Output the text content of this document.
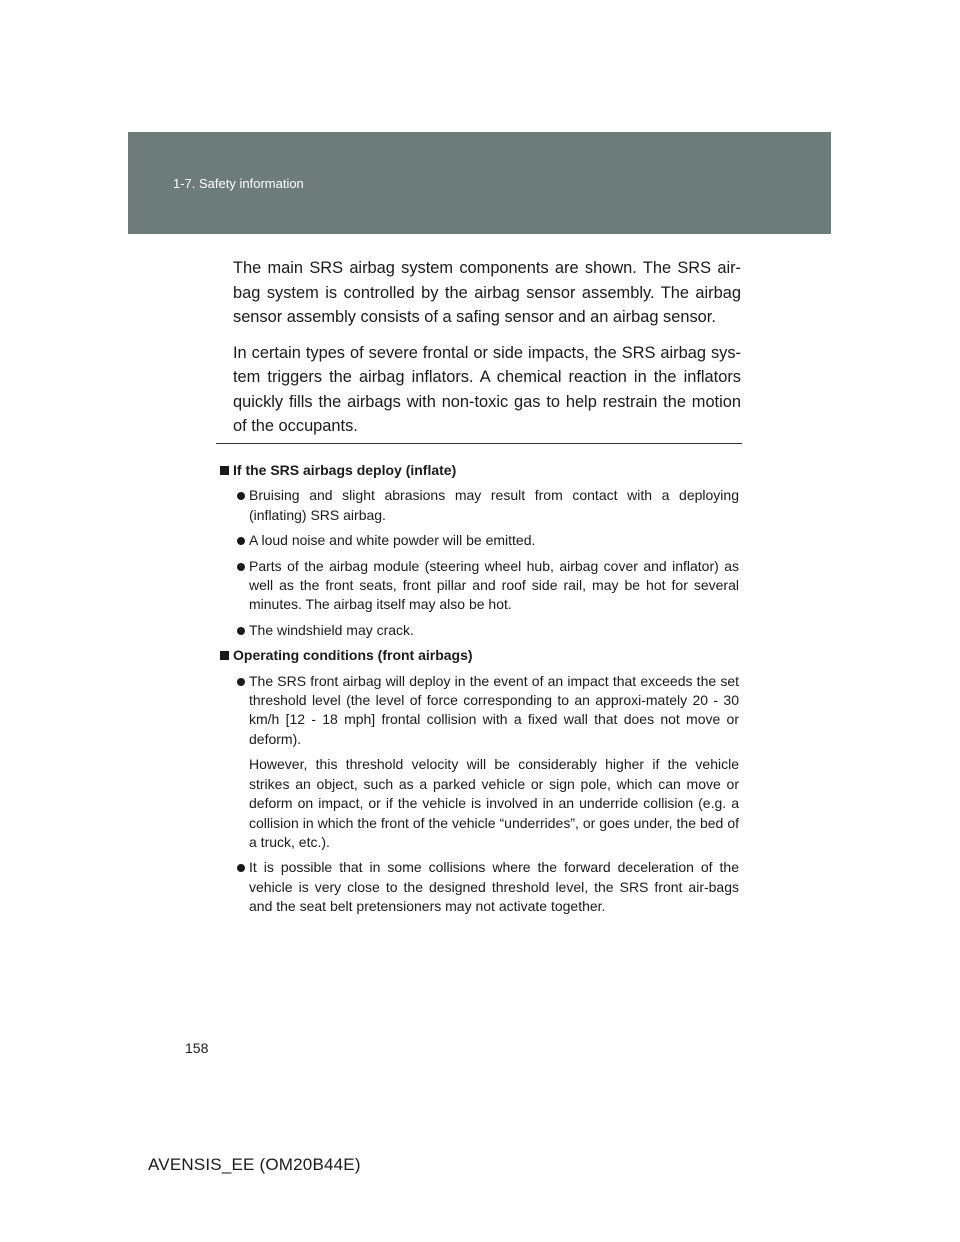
1-7. Safety information

The main SRS airbag system components are shown. The SRS air-bag system is controlled by the airbag sensor assembly. The airbag sensor assembly consists of a safing sensor and an airbag sensor.

In certain types of severe frontal or side impacts, the SRS airbag sys-tem triggers the airbag inflators. A chemical reaction in the inflators quickly fills the airbags with non-toxic gas to help restrain the motion of the occupants.

If the SRS airbags deploy (inflate)
Bruising and slight abrasions may result from contact with a deploying (inflating) SRS airbag.
A loud noise and white powder will be emitted.
Parts of the airbag module (steering wheel hub, airbag cover and inflator) as well as the front seats, front pillar and roof side rail, may be hot for several minutes. The airbag itself may also be hot.
The windshield may crack.
Operating conditions (front airbags)
The SRS front airbag will deploy in the event of an impact that exceeds the set threshold level (the level of force corresponding to an approxi-mately 20 - 30 km/h [12 - 18 mph] frontal collision with a fixed wall that does not move or deform).
However, this threshold velocity will be considerably higher if the vehicle strikes an object, such as a parked vehicle or sign pole, which can move or deform on impact, or if the vehicle is involved in an underride collision (e.g. a collision in which the front of the vehicle “underrides”, or goes under, the bed of a truck, etc.).
It is possible that in some collisions where the forward deceleration of the vehicle is very close to the designed threshold level, the SRS front air-bags and the seat belt pretensioners may not activate together.
158
AVENSIS_EE (OM20B44E)
